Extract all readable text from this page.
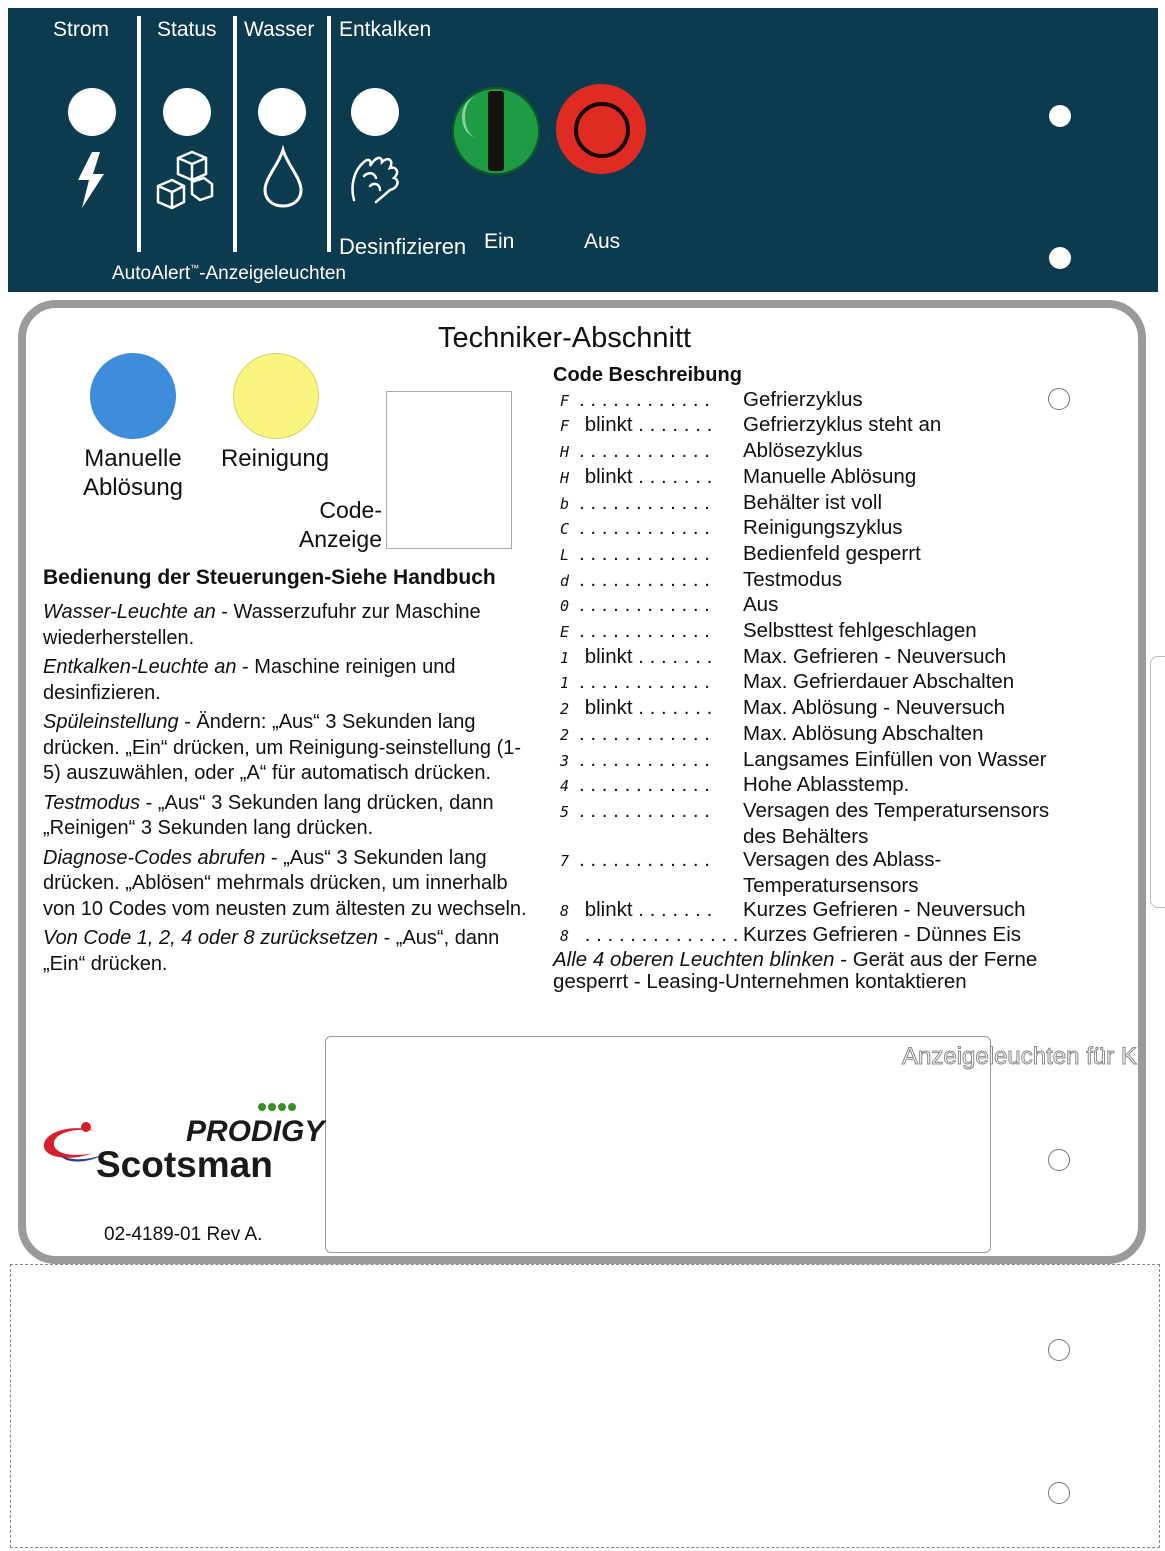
Strom Status Wasser Entkalken
Desinfizieren Ein	Aus
AutoAlert™-Anzeigeleuchten
Techniker-Abschnitt
Manuelle
Ablösung
Reinigung
Code-
Anzeige
Bedienung der Steuerungen-Siehe Handbuch

Wasser-Leuchte an - Wasserzufuhr zur Maschine wiederherstellen.

Entkalken-Leuchte an - Maschine reinigen und desinfizieren.

Spüleinstellung - Ändern: „Aus“ 3 Sekunden lang drücken. „Ein“ drücken, um Reinigung-seinstellung (1-5) auszuwählen, oder „A“ für automatisch drücken.

Testmodus - „Aus“ 3 Sekunden lang drücken, dann „Reinigen“ 3 Sekunden lang drücken.

Diagnose-Codes abrufen - „Aus“ 3 Sekunden lang drücken. „Ablösen“ mehrmals drücken, um innerhalb von 10 Codes vom neusten zum ältesten zu wechseln.

Von Code 1, 2, 4 oder 8 zurücksetzen - „Aus“, dann „Ein“ drücken.

Code Beschreibung
F . . . . . . . . . . . .	Gefrierzyklus
F blinkt . . . . . . .	Gefrierzyklus steht an
H . . . . . . . . . . . .	Ablösezyklus
H blinkt . . . . . . .	Manuelle Ablösung
b . . . . . . . . . . . .	Behälter ist voll
C . . . . . . . . . . . .	Reinigungszyklus
L . . . . . . . . . . . .	Bedienfeld gesperrt
d . . . . . . . . . . . .	Testmodus
0 . . . . . . . . . . . .	Aus
E . . . . . . . . . . . .	Selbsttest fehlgeschlagen
1 blinkt . . . . . . .	Max. Gefrieren - Neuversuch
1 . . . . . . . . . . . .	Max. Gefrierdauer Abschalten
2 blinkt . . . . . . .	Max. Ablösung - Neuversuch
2 . . . . . . . . . . . .	Max. Ablösung Abschalten
3 . . . . . . . . . . . .	Langsames Einfüllen von Wasser
4 . . . . . . . . . . . .	Hohe Ablasstemp.
5 . . . . . . . . . . . .	Versagen des Temperatursensors
des Behälters
7 . . . . . . . . . . . .	Versagen des Ablass-
Temperatursensors
8 blinkt . . . . . . .	Kurzes Gefrieren - Neuversuch
8 . . . . . . . . . . . . . . Kurzes Gefrieren - Dünnes Eis
Alle 4 oberen Leuchten blinken - Gerät aus der Ferne gesperrt - Leasing-Unternehmen kontaktieren
Anzeigeleuchten für K
PRODIGY
Scotsman
02-4189-01 Rev A.
